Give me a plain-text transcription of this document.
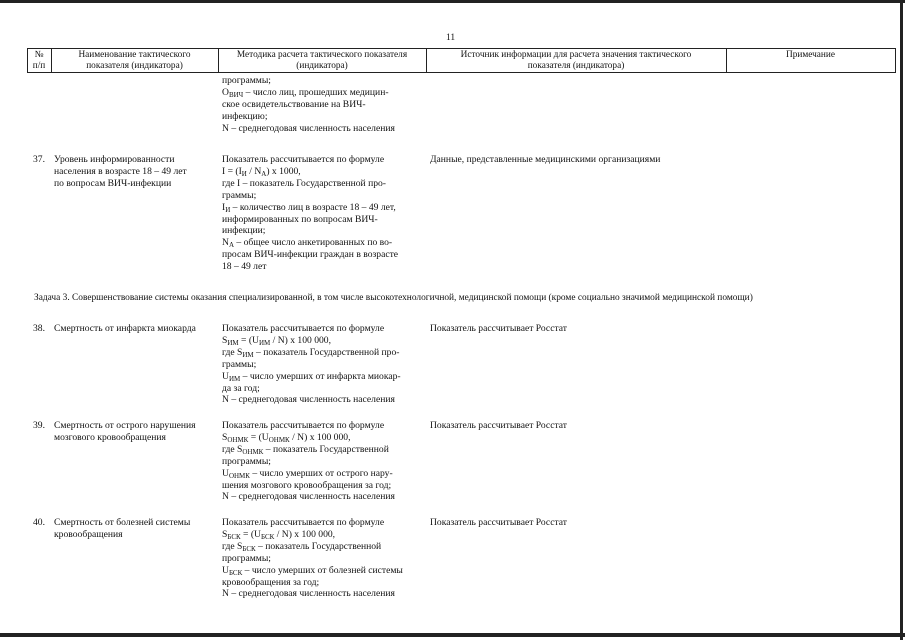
11
№
п/п
Наименование тактического
показателя (индикатора)
Методика расчета тактического показателя
(индикатора)
Источник информации для расчета значения тактического
показателя (индикатора)
Примечание
программы;
$О_{ВИЧ}$ – число лиц, прошедших медицин-
ское освидетельствование на ВИЧ-
инфекцию;
N – среднегодовая численность населения
37. Уровень информированности
населения в возрасте 18 – 49 лет
по вопросам ВИЧ-инфекции
Показатель рассчитывается по формуле
$I = (I_И / N_А)$ x 1000,
где I – показатель Государственной про-
граммы;
$I_И$ – количество лиц в возрасте 18 – 49 лет,
информированных по вопросам ВИЧ-
инфекции;
$N_А$ – общее число анкетированных по во-
просам ВИЧ-инфекции граждан в возрасте
18 – 49 лет
Данные, представленные медицинскими организациями
Задача 3. Совершенствование системы оказания специализированной, в том числе высокотехнологичной, медицинской помощи (кроме социально значимой медицинской помощи)
38. Смертность от инфаркта миокарда	Показатель рассчитывается по формуле
$S_{ИМ} = (U_{ИМ} / N)$ x 100 000,
где $S_{ИМ}$ – показатель Государственной про-
граммы;
$U_{ИМ}$ – число умерших от инфаркта миокар-
да за год;
N – среднегодовая численность населения
Показатель рассчитывает Росстат
39. Смертность от острого нарушения
мозгового кровообращения
Показатель рассчитывается по формуле
$S_{ОНМК} = (U_{ОНМК} / N)$ x 100 000,
где $S_{ОНМК}$ – показатель Государственной
программы;
$U_{ОНМК}$ – число умерших от острого нару-
шения мозгового кровообращения за год;
N – среднегодовая численность населения
Показатель рассчитывает Росстат
40. Смертность от болезней системы
кровообращения
Показатель рассчитывается по формуле
$S_{БСК} = (U_{БСК} / N)$ x 100 000,
где $S_{БСК}$ – показатель Государственной
программы;
$U_{БСК}$ – число умерших от болезней системы
кровообращения за год;
N – среднегодовая численность населения
Показатель рассчитывает Росстат
